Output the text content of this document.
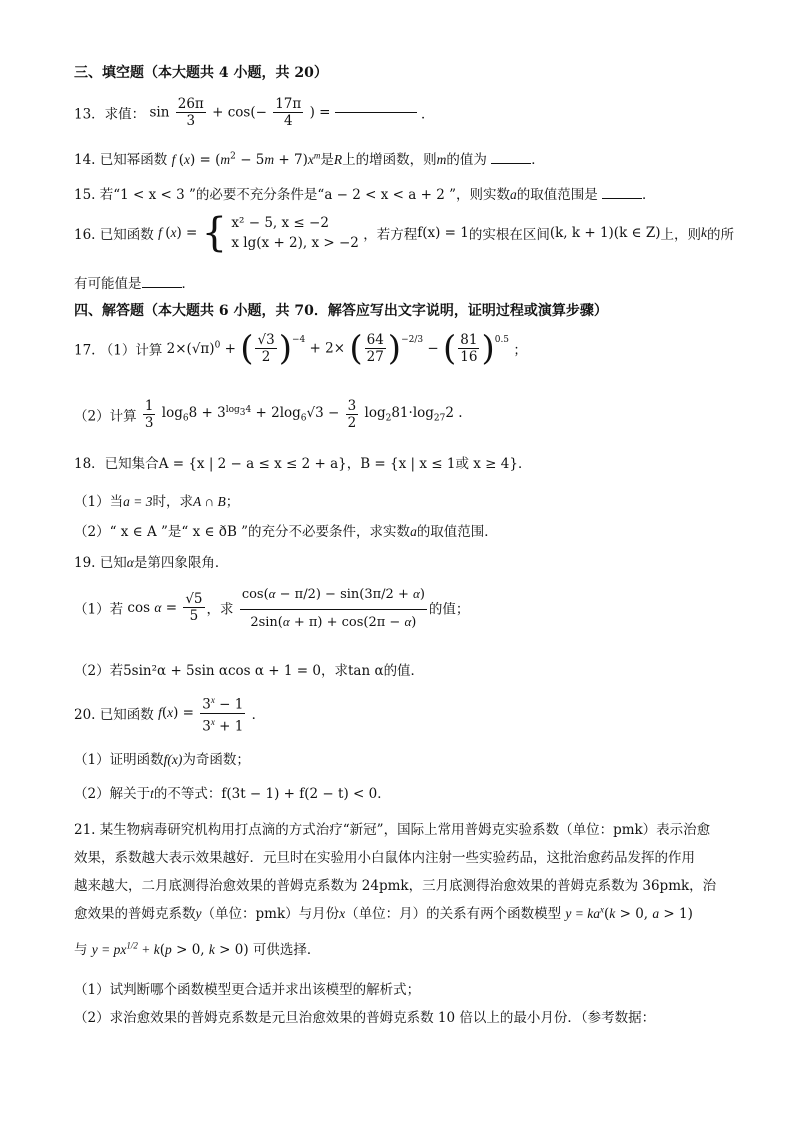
三、填空题（本大题共 4 小题，共 20）
13．求值： $\sin \frac{26\pi}{3} + \cos(- \frac{17\pi}{4}$ ) =	．
14. 已知幂函数 f $(x) = (m^2 - 5m + 7)x^m$是R上的增函数，则m的值为	．
15. 若“1 < x < 3 ”的必要不充分条件是“a − 2 < x < a + 2 ”，则实数a的取值范围是	．
16. 已知函数 f (x) = { x² − 5, x ≤ −2
x lg(x + 2), x > −2 ，若方程f(x) = 1的实根在区间(k, k + 1)(k ∈ Z)上，则k的所
有可能值是	．
四、解答题（本大题共 6 小题，共 70．解答应写出文字说明，证明过程或演算步骤）
17. （1）计算 $2\times(√\pi)^0$ + ( $\frac{√3}{2} )^{-4} + 2\times$ ( $\frac{64}{27} )^{-2/3}$ − ( $\frac{81}{16} )^{0.5}$ ；
（2）计算 $\frac{1}{3} \log_68 + 3^{log_34} + 2\log_6√3 - \frac{3}{2} \log_281\cdot\log_{27}2$ .
18．已知集合A = {x | 2 − a ≤ x ≤ 2 + a}，B = {x | x ≤ 1或 x ≥ 4}．
（1）当a = 3时，求A ∩ B；
（2）“ x ∈ A ”是“ x ∈ ðB ”的充分不必要条件，求实数a的取值范围．
19. 已知α是第四象限角．
（1）若 $\cos \alpha = \frac{√5}{5}$ ，求 $\frac{\cos(\alpha - \pi/2) - \sin(3\pi/2 + \alpha)}{2\sin(\alpha + \pi) + \cos(2\pi - \alpha)}$ 的值；
（2）若5sin²α + 5sin αcos α + 1 = 0，求tan α的值．
20. 已知函数 $f(x) = \frac{3^x - 1}{3^x + 1}$ ．
（1）证明函数f(x)为奇函数；
（2）解关于t的不等式：f(3t − 1) + f(2 − t) < 0．
21. 某生物病毒研究机构用打点滴的方式治疗“新冠”，国际上常用普姆克实验系数（单位：pmk）表示治愈
效果，系数越大表示效果越好．元旦时在实验用小白鼠体内注射一些实验药品，这批治愈药品发挥的作用
越来越大，二月底测得治愈效果的普姆克系数为 24pmk，三月底测得治愈效果的普姆克系数为 36pmk，治
愈效果的普姆克系数y（单位：pmk）与月份x（单位：月）的关系有两个函数模型 $y = ka^x(k > 0$, a > 1)
与 $y = px^{1/2} + k(p > 0$, k > 0) 可供选择．
（1）试判断哪个函数模型更合适并求出该模型的解析式；
（2）求治愈效果的普姆克系数是元旦治愈效果的普姆克系数 10 倍以上的最小月份．（参考数据：
